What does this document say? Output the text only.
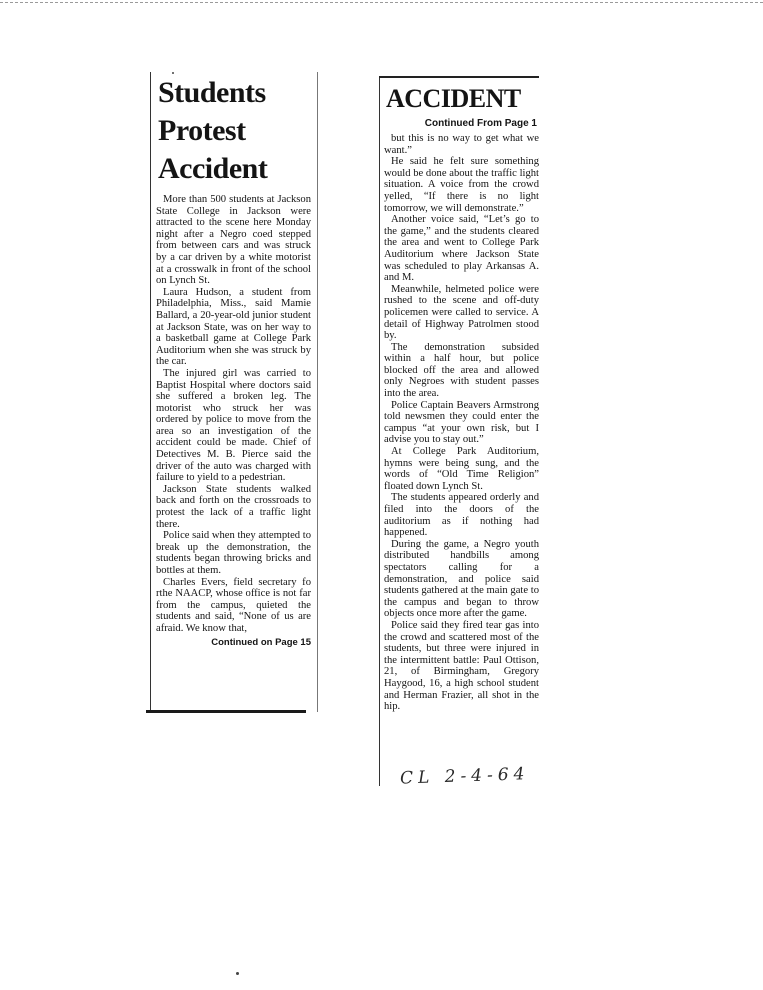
Students
Protest
Accident

More than 500 students at Jackson State College in Jackson were attracted to the scene here Monday night after a Negro coed stepped from between cars and was struck by a car driven by a white motorist at a crosswalk in front of the school on Lynch St.

Laura Hudson, a student from Philadelphia, Miss., said Mamie Ballard, a 20-year-old junior student at Jackson State, was on her way to a basketball game at College Park Auditorium when she was struck by the car.

The injured girl was carried to Baptist Hospital where doctors said she suffered a broken leg. The motorist who struck her was ordered by police to move from the area so an investigation of the accident could be made. Chief of Detectives M. B. Pierce said the driver of the auto was charged with failure to yield to a pedestrian.

Jackson State students walked back and forth on the crossroads to protest the lack of a traffic light there.

Police said when they attempted to break up the demonstration, the students began throwing bricks and bottles at them.

Charles Evers, field secretary fo rthe NAACP, whose office is not far from the campus, quieted the students and said, “None of us are afraid. We know that,

Continued on Page 15
ACCIDENT
Continued From Page 1

but this is no way to get what we want.”

He said he felt sure something would be done about the traffic light situation. A voice from the crowd yelled, “If there is no light tomorrow, we will demonstrate.”

Another voice said, “Let’s go to the game,” and the students cleared the area and went to College Park Auditorium where Jackson State was scheduled to play Arkansas A. and M.

Meanwhile, helmeted police were rushed to the scene and off-duty policemen were called to service. A detail of Highway Patrolmen stood by.

The demonstration subsided within a half hour, but police blocked off the area and allowed only Negroes with student passes into the area.

Police Captain Beavers Armstrong told newsmen they could enter the campus “at your own risk, but I advise you to stay out.”

At College Park Auditorium, hymns were being sung, and the words of “Old Time Religion” floated down Lynch St.

The students appeared orderly and filed into the doors of the auditorium as if nothing had happened.

During the game, a Negro youth distributed handbills among spectators calling for a demonstration, and police said students gathered at the main gate to the campus and began to throw objects once more after the game.

Police said they fired tear gas into the crowd and scattered most of the students, but three were injured in the intermittent battle: Paul Ottison, 21, of Birmingham, Gregory Haygood, 16, a high school student and Herman Frazier, all shot in the hip.

CL 2-4-64
